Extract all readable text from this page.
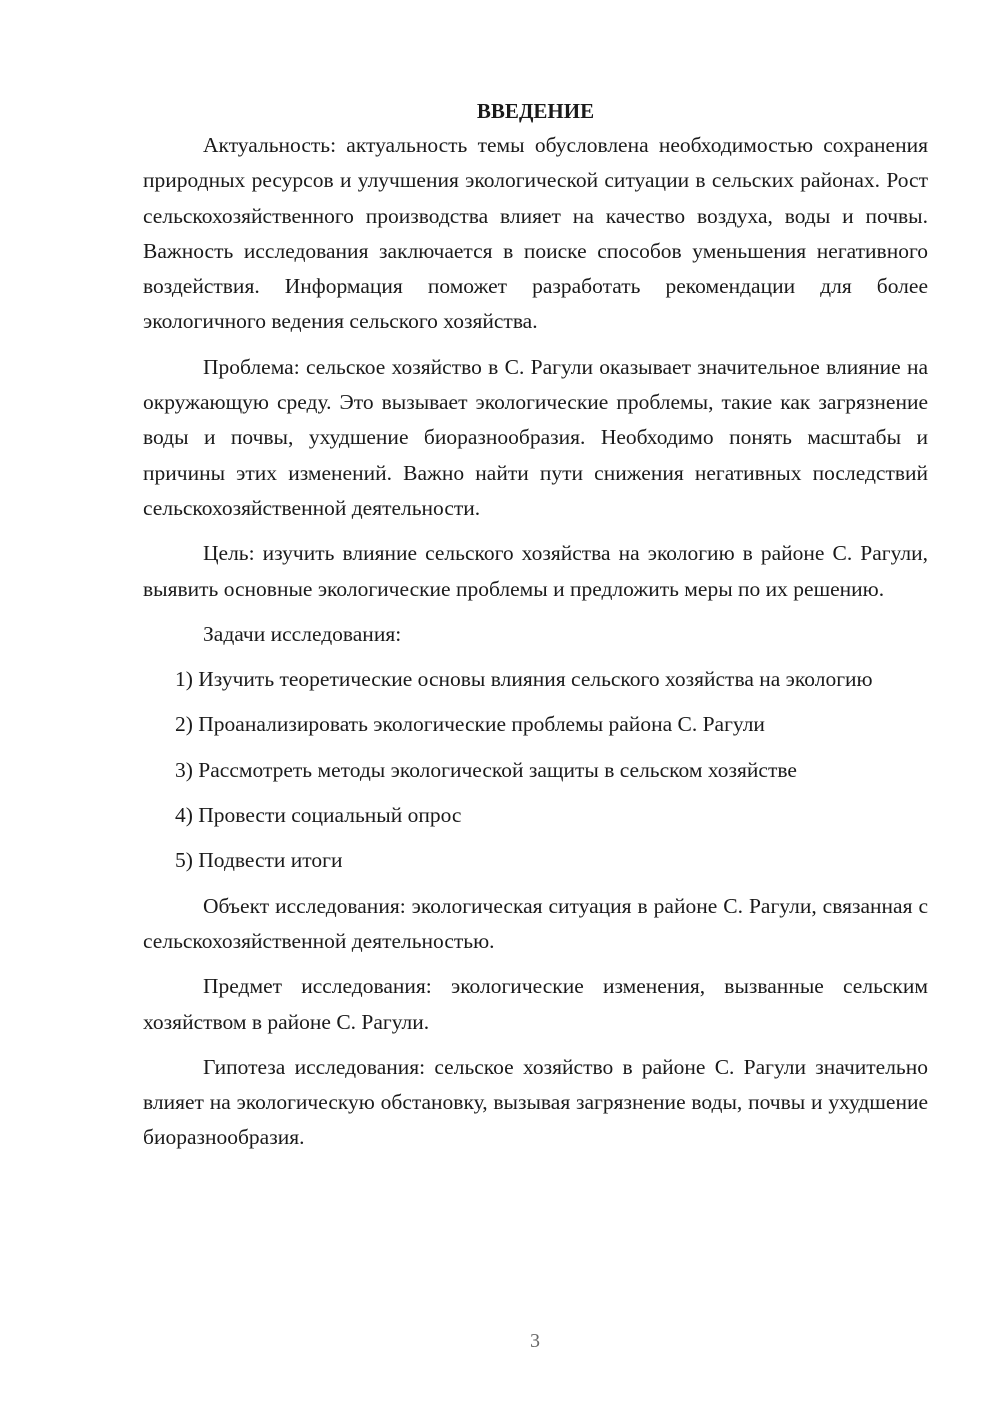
ВВЕДЕНИЕ

Актуальность: актуальность темы обусловлена необходимостью сохранения природных ресурсов и улучшения экологической ситуации в сельских районах. Рост сельскохозяйственного производства влияет на качество воздуха, воды и почвы. Важность исследования заключается в поиске способов уменьшения негативного воздействия. Информация поможет разработать рекомендации для более экологичного ведения сельского хозяйства.

Проблема: сельское хозяйство в С. Рагули оказывает значительное влияние на окружающую среду. Это вызывает экологические проблемы, такие как загрязнение воды и почвы, ухудшение биоразнообразия. Необходимо понять масштабы и причины этих изменений. Важно найти пути снижения негативных последствий сельскохозяйственной деятельности.

Цель: изучить влияние сельского хозяйства на экологию в районе С. Рагули, выявить основные экологические проблемы и предложить меры по их решению.

Задачи исследования:

1) Изучить теоретические основы влияния сельского хозяйства на экологию

2) Проанализировать экологические проблемы района С. Рагули

3) Рассмотреть методы экологической защиты в сельском хозяйстве

4) Провести социальный опрос

5) Подвести итоги

Объект исследования: экологическая ситуация в районе С. Рагули, связанная с сельскохозяйственной деятельностью.

Предмет исследования: экологические изменения, вызванные сельским хозяйством в районе С. Рагули.

Гипотеза исследования: сельское хозяйство в районе С. Рагули значительно влияет на экологическую обстановку, вызывая загрязнение воды, почвы и ухудшение биоразнообразия.

3
